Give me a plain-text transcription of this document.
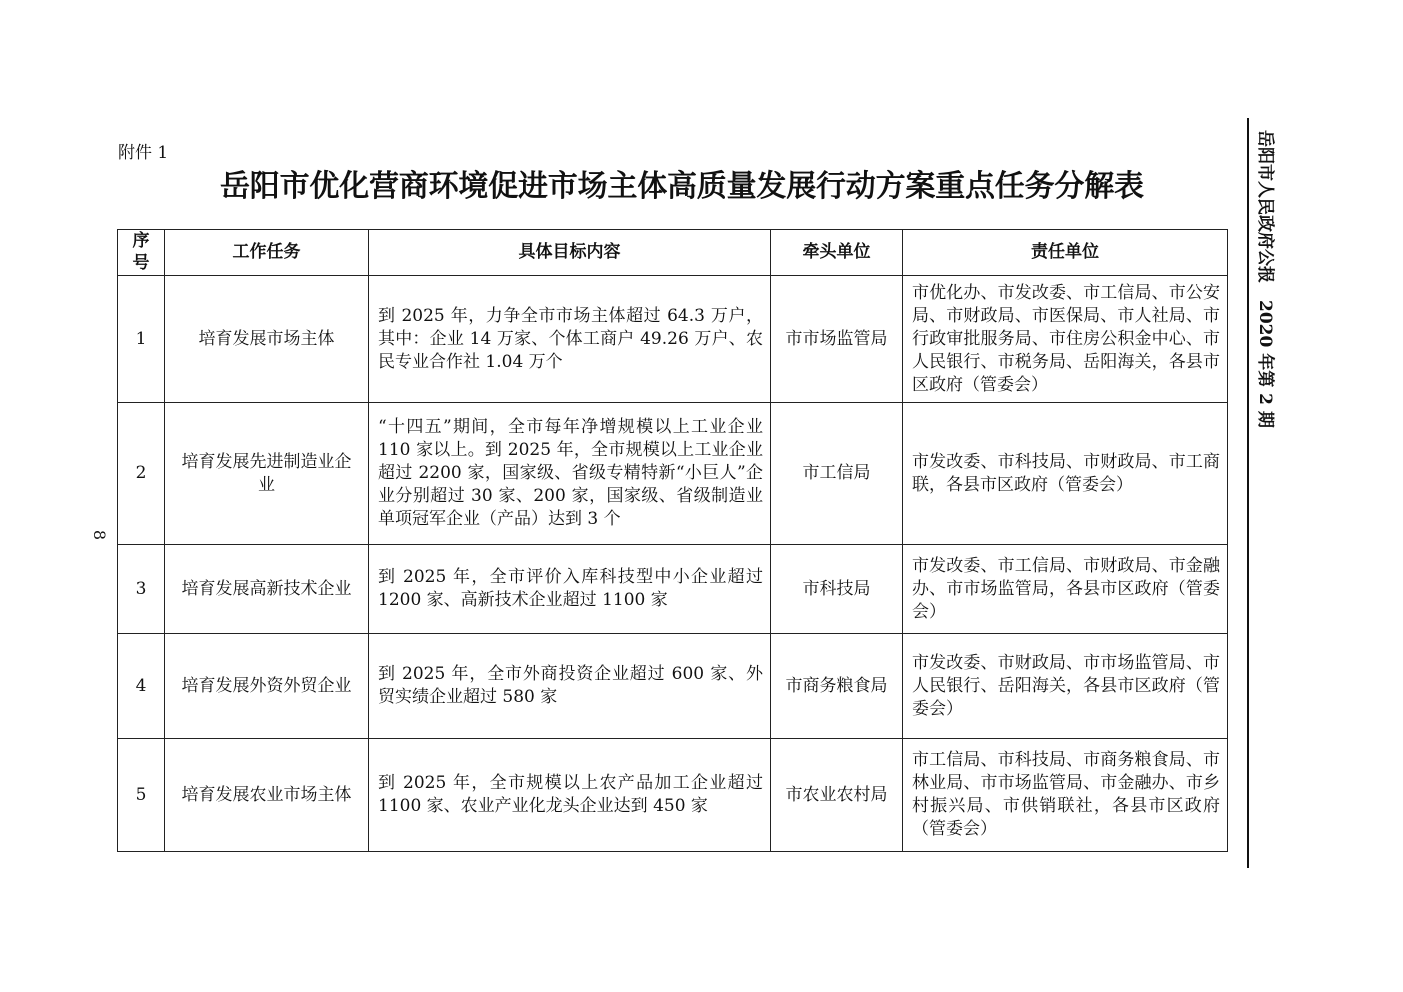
附件 1
岳阳市优化营商环境促进市场主体高质量发展行动方案重点任务分解表
8
岳阳市人民政府公报　2020 年第 2 期
序号	工作任务	具体目标内容	牵头单位	责任单位
1	培育发展市场主体	到 2025 年，力争全市市场主体超过 64.3 万户，其中：企业 14 万家、个体工商户 49.26 万户、农民专业合作社 1.04 万个	市市场监管局	市优化办、市发改委、市工信局、市公安局、市财政局、市医保局、市人社局、市行政审批服务局、市住房公积金中心、市人民银行、市税务局、岳阳海关，各县市区政府（管委会）
2	培育发展先进制造业企业	“十四五”期间，全市每年净增规模以上工业企业 110 家以上。到 2025 年，全市规模以上工业企业超过 2200 家，国家级、省级专精特新“小巨人”企业分别超过 30 家、200 家，国家级、省级制造业单项冠军企业（产品）达到 3 个	市工信局	市发改委、市科技局、市财政局、市工商联，各县市区政府（管委会）
3	培育发展高新技术企业	到 2025 年，全市评价入库科技型中小企业超过 1200 家、高新技术企业超过 1100 家	市科技局	市发改委、市工信局、市财政局、市金融办、市市场监管局，各县市区政府（管委会）
4	培育发展外资外贸企业	到 2025 年，全市外商投资企业超过 600 家、外贸实绩企业超过 580 家	市商务粮食局	市发改委、市财政局、市市场监管局、市人民银行、岳阳海关，各县市区政府（管委会）
5	培育发展农业市场主体	到 2025 年，全市规模以上农产品加工企业超过 1100 家、农业产业化龙头企业达到 450 家	市农业农村局	市工信局、市科技局、市商务粮食局、市林业局、市市场监管局、市金融办、市乡村振兴局、市供销联社，各县市区政府（管委会）
